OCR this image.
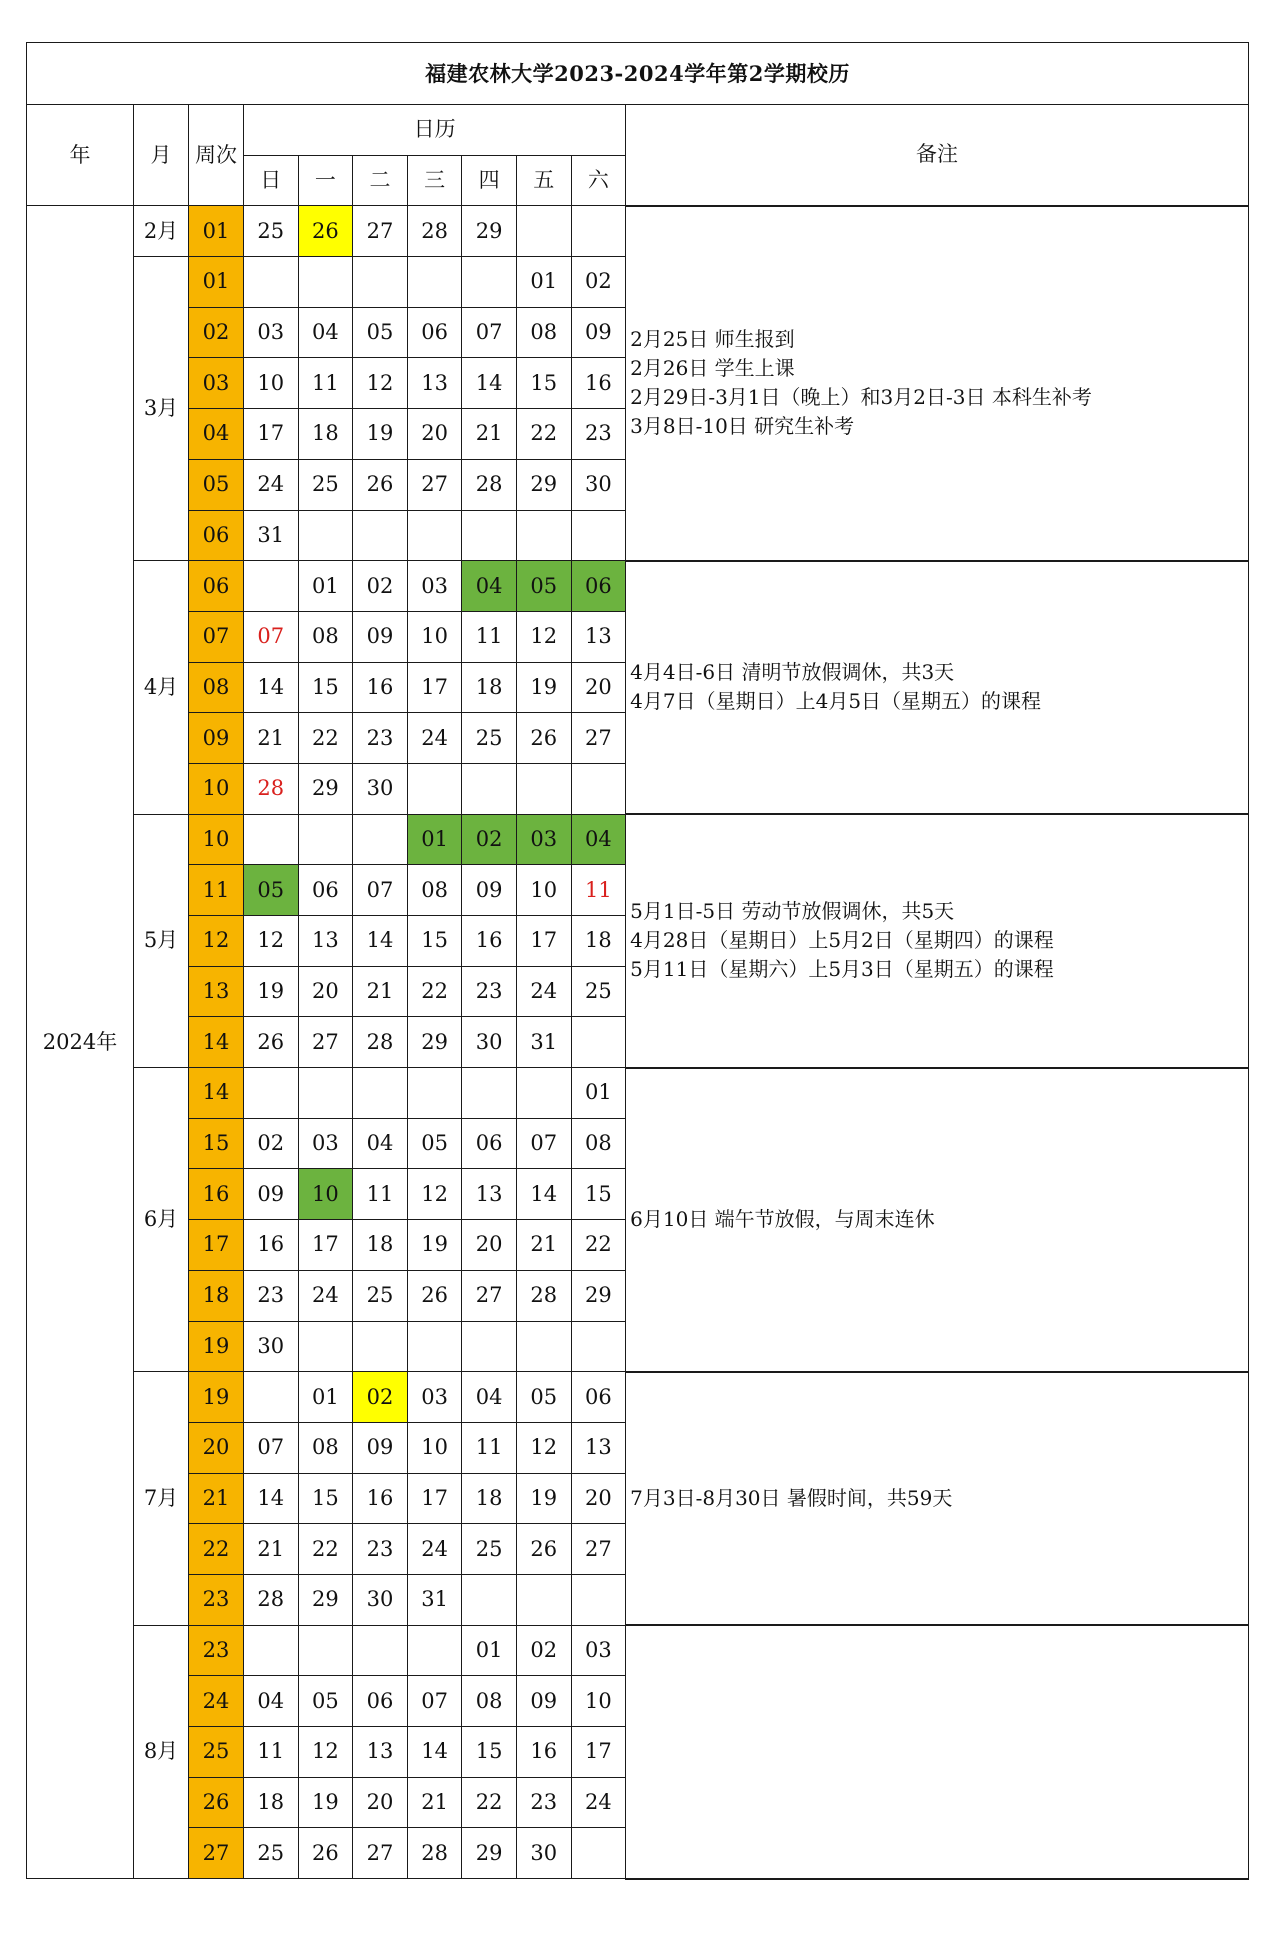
福建农林大学2023-2024学年第2学期校历										
年	月	周次	日历							备注
			日	一	二	三	四	五	六	
2024年	2月	01	25	26	27	28	29			2月25日 师生报到
2月26日 学生上课
2月29日-3月1日（晚上）和3月2日-3日 本科生补考
3月8日-10日 研究生补考

	3月	01						01	02	
		02	03	04	05	06	07	08	09	
		03	10	11	12	13	14	15	16	
		04	17	18	19	20	21	22	23	
		05	24	25	26	27	28	29	30	
		06	31							
	4月	06		01	02	03	04	05	06	4月4日-6日 清明节放假调休，共3天
4月7日（星期日）上4月5日（星期五）的课程

		07	07	08	09	10	11	12	13	
		08	14	15	16	17	18	19	20	
		09	21	22	23	24	25	26	27	
		10	28	29	30					
	5月	10				01	02	03	04	5月1日-5日 劳动节放假调休，共5天
4月28日（星期日）上5月2日（星期四）的课程
5月11日（星期六）上5月3日（星期五）的课程

		11	05	06	07	08	09	10	11	
		12	12	13	14	15	16	17	18	
		13	19	20	21	22	23	24	25	
		14	26	27	28	29	30	31		
	6月	14							01	6月10日 端午节放假，与周末连休

		15	02	03	04	05	06	07	08	
		16	09	10	11	12	13	14	15	
		17	16	17	18	19	20	21	22	
		18	23	24	25	26	27	28	29	
		19	30							
	7月	19		01	02	03	04	05	06	7月3日-8月30日 暑假时间，共59天

		20	07	08	09	10	11	12	13	
		21	14	15	16	17	18	19	20	
		22	21	22	23	24	25	26	27	
		23	28	29	30	31				
	8月	23					01	02	03	
		24	04	05	06	07	08	09	10	
		25	11	12	13	14	15	16	17	
		26	18	19	20	21	22	23	24	
		27	25	26	27	28	29	30		
